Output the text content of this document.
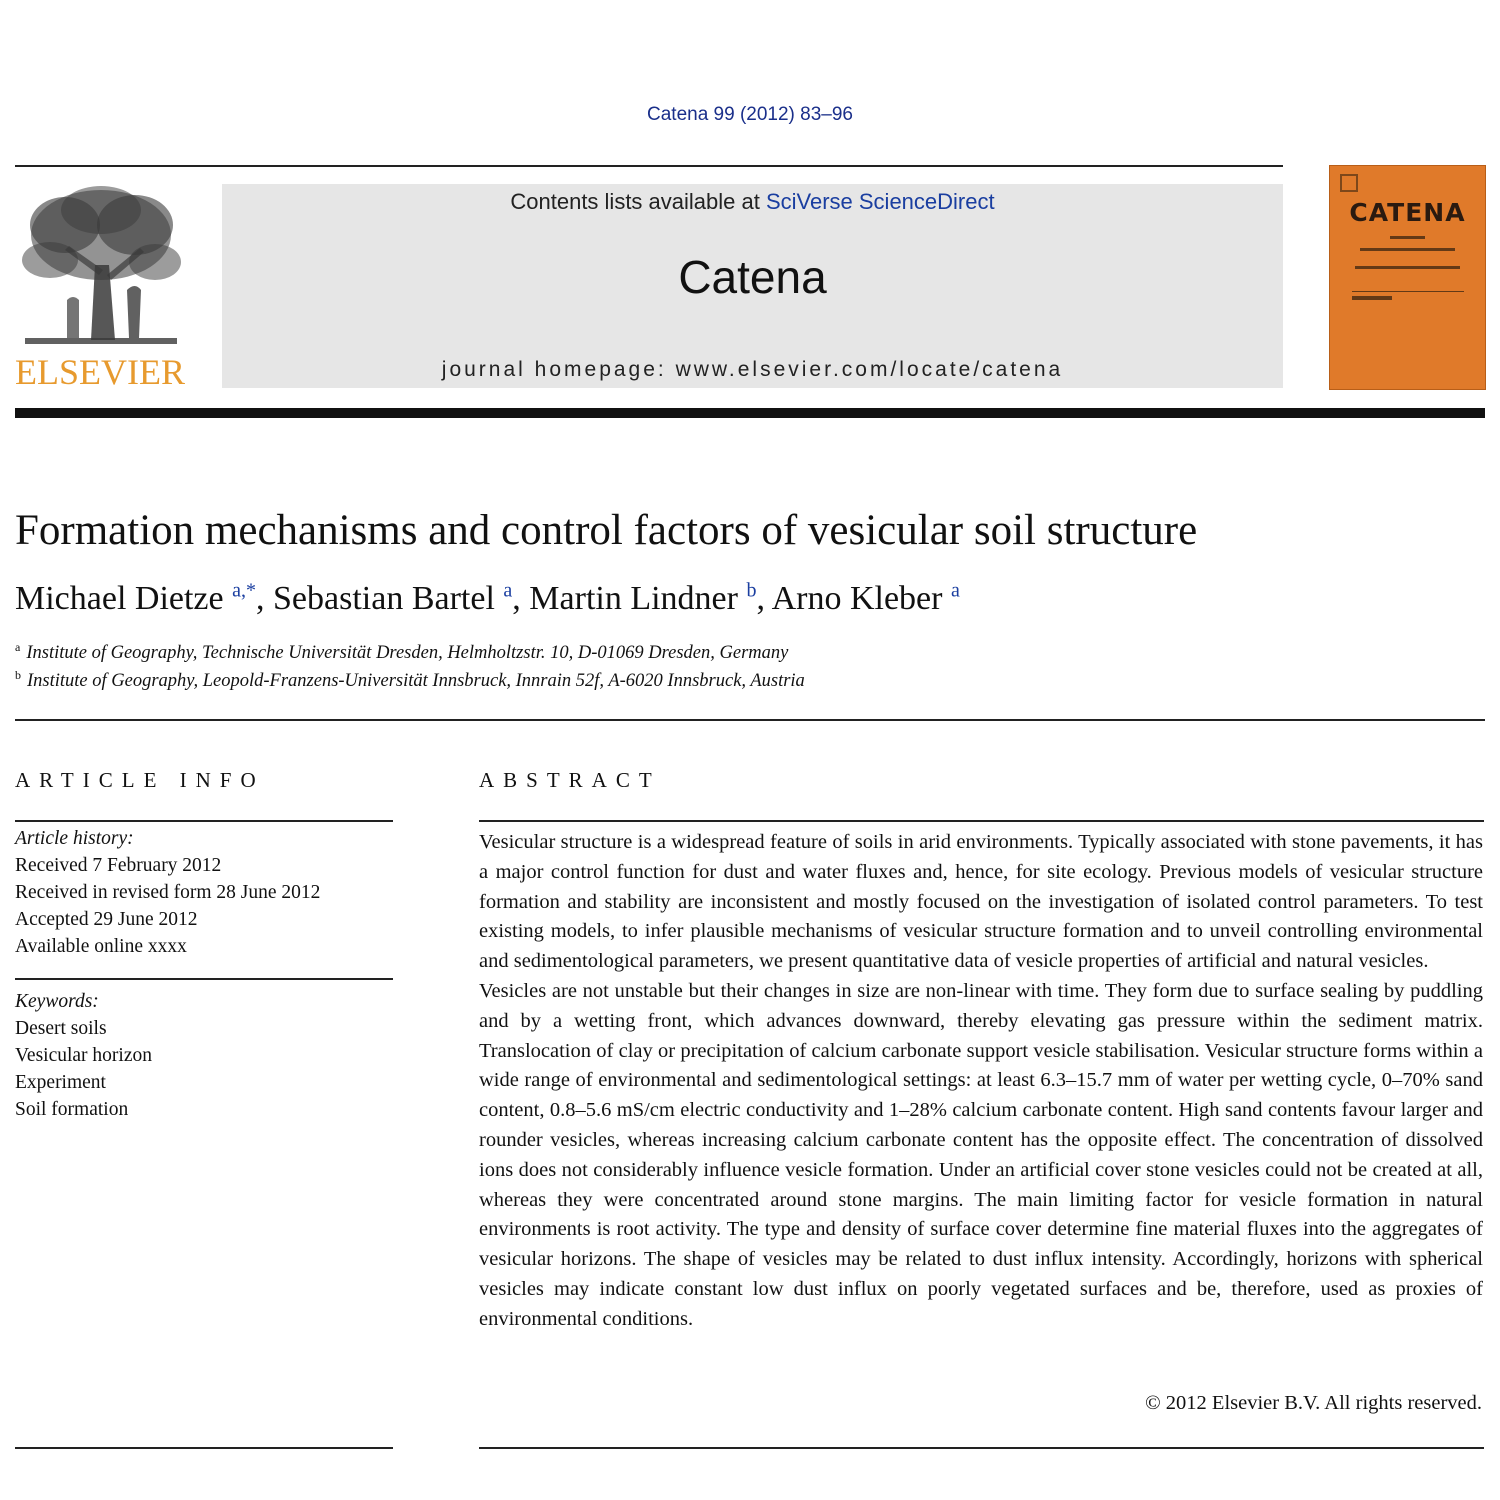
Catena 99 (2012) 83–96
ELSEVIER
Contents lists available at SciVerse ScienceDirect
Catena
journal homepage: www.elsevier.com/locate/catena
CATENA
Formation mechanisms and control factors of vesicular soil structure
Michael Dietze $^{a,*}$, Sebastian Bartel $^a$, Martin Lindner $^b$, Arno Kleber $^a$
$^a$ Institute of Geography, Technische Universität Dresden, Helmholtzstr. 10, D-01069 Dresden, Germany
$^b$ Institute of Geography, Leopold-Franzens-Universität Innsbruck, Innrain 52f, A-6020 Innsbruck, Austria
ARTICLE INFO
Article history:
Received 7 February 2012
Received in revised form 28 June 2012
Accepted 29 June 2012
Available online xxxx
Keywords:
Desert soils
Vesicular horizon
Experiment
Soil formation
ABSTRACT

Vesicular structure is a widespread feature of soils in arid environments. Typically associated with stone pavements, it has a major control function for dust and water fluxes and, hence, for site ecology. Previous models of vesicular structure formation and stability are inconsistent and mostly focused on the investigation of isolated control parameters. To test existing models, to infer plausible mechanisms of vesicular structure formation and to unveil controlling environmental and sedimentological parameters, we present quantitative data of vesicle properties of artificial and natural vesicles.

Vesicles are not unstable but their changes in size are non-linear with time. They form due to surface sealing by puddling and by a wetting front, which advances downward, thereby elevating gas pressure within the sediment matrix. Translocation of clay or precipitation of calcium carbonate support vesicle stabilisation. Vesicular structure forms within a wide range of environmental and sedimentological settings: at least 6.3–15.7 mm of water per wetting cycle, 0–70% sand content, 0.8–5.6 mS/cm electric conductivity and 1–28% calcium carbonate content. High sand contents favour larger and rounder vesicles, whereas increasing calcium carbonate content has the opposite effect. The concentration of dissolved ions does not considerably influence vesicle formation. Under an artificial cover stone vesicles could not be created at all, whereas they were concentrated around stone margins. The main limiting factor for vesicle formation in natural environments is root activity. The type and density of surface cover determine fine material fluxes into the aggregates of vesicular horizons. The shape of vesicles may be related to dust influx intensity. Accordingly, horizons with spherical vesicles may indicate constant low dust influx on poorly vegetated surfaces and be, therefore, used as proxies of environmental conditions.

© 2012 Elsevier B.V. All rights reserved.
